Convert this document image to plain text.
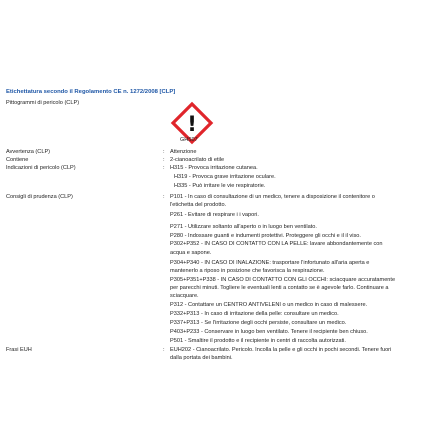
Etichettatura secondo il Regolamento CE n. 1272/2008 [CLP]
Pittogrammi di pericolo (CLP)
!
GHS07
Avvertenza (CLP)	: Attenzione
Contiene	: 2-cianoacrilato di etile
Indicazioni di pericolo (CLP)	: H315 - Provoca irritazione cutanea.
H319 - Provoca grave irritazione oculare.
H335 - Può irritare le vie respiratorie.
Consigli di prudenza (CLP)	: P101 - In caso di consultazione di un medico, tenere a disposizione il contenitore o
l'etichetta del prodotto.
P261 - Evitare di respirare i i vapori.
P271 - Utilizzare soltanto all'aperto o in luogo ben ventilato.
P280 - Indossare guanti e indumenti protettivi. Proteggere gli occhi e il il viso.
P302+P352 - IN CASO DI CONTATTO CON LA PELLE: lavare abbondantemente con
acqua e sapone.
P304+P340 - IN CASO DI INALAZIONE: trasportare l'infortunato all'aria aperta e
mantenerlo a riposo in posizione che favorisca la respirazione.
P305+P351+P338 - IN CASO DI CONTATTO CON GLI OCCHI: sciacquare accuratamente
per parecchi minuti. Togliere le eventuali lenti a contatto se è agevole farlo. Continuare a
sciacquare.
P312 - Contattare un CENTRO ANTIVELENI o un medico in caso di malessere.
P332+P313 - In caso di irritazione della pelle: consultare un medico.
P337+P313 - Se l'irritazione degli occhi persiste, consultare un medico.
P403+P233 - Conservare in luogo ben ventilato. Tenere il recipiente ben chiuso.
P501 - Smaltire il prodotto e il recipiente in centri di raccolta autorizzati.
Frasi EUH	: EUH202 - Cianoacrilato. Pericolo. Incolla la pelle e gli occhi in pochi secondi. Tenere fuori
dalla portata dei bambini.
